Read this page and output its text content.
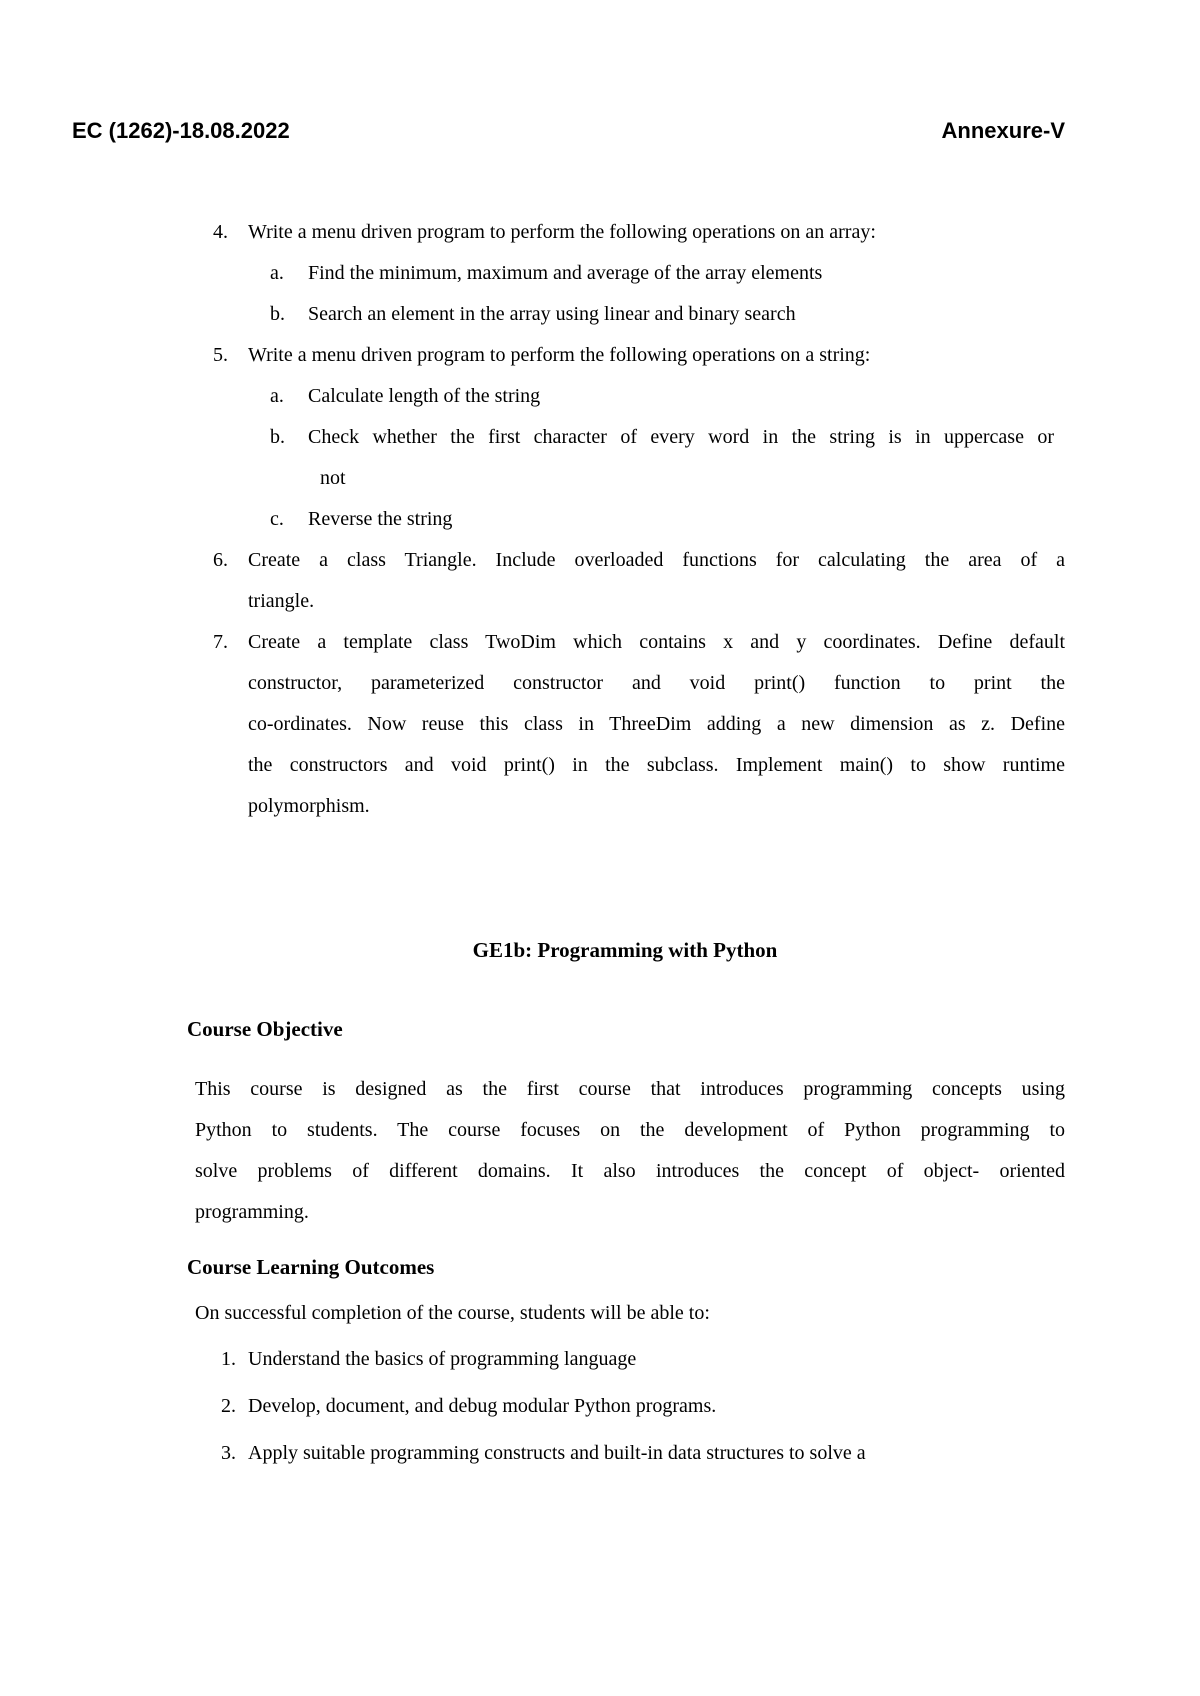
EC (1262)-18.08.2022	Annexure-V
4. Write a menu driven program to perform the following operations on an array:
a. Find the minimum, maximum and average of the array elements
b. Search an element in the array using linear and binary search
5. Write a menu driven program to perform the following operations on a string:
a. Calculate length of the string
b. Check whether the first character of every word in the string is in uppercase or
not
c. Reverse the string
6. Create a class Triangle. Include overloaded functions for calculating the area of a
triangle.
7. Create a template class TwoDim which contains x and y coordinates. Define default
constructor, parameterized constructor and void print() function to print the
co-ordinates. Now reuse this class in ThreeDim adding a new dimension as z. Define
the constructors and void print() in the subclass. Implement main() to show runtime
polymorphism.
GE1b: Programming with Python
Course Objective
This course is designed as the first course that introduces programming concepts using
Python to students. The course focuses on the development of Python programming to
solve problems of different domains. It also introduces the concept of object- oriented
programming.
Course Learning Outcomes
On successful completion of the course, students will be able to:
1. Understand the basics of programming language
2. Develop, document, and debug modular Python programs.
3. Apply suitable programming constructs and built-in data structures to solve a
